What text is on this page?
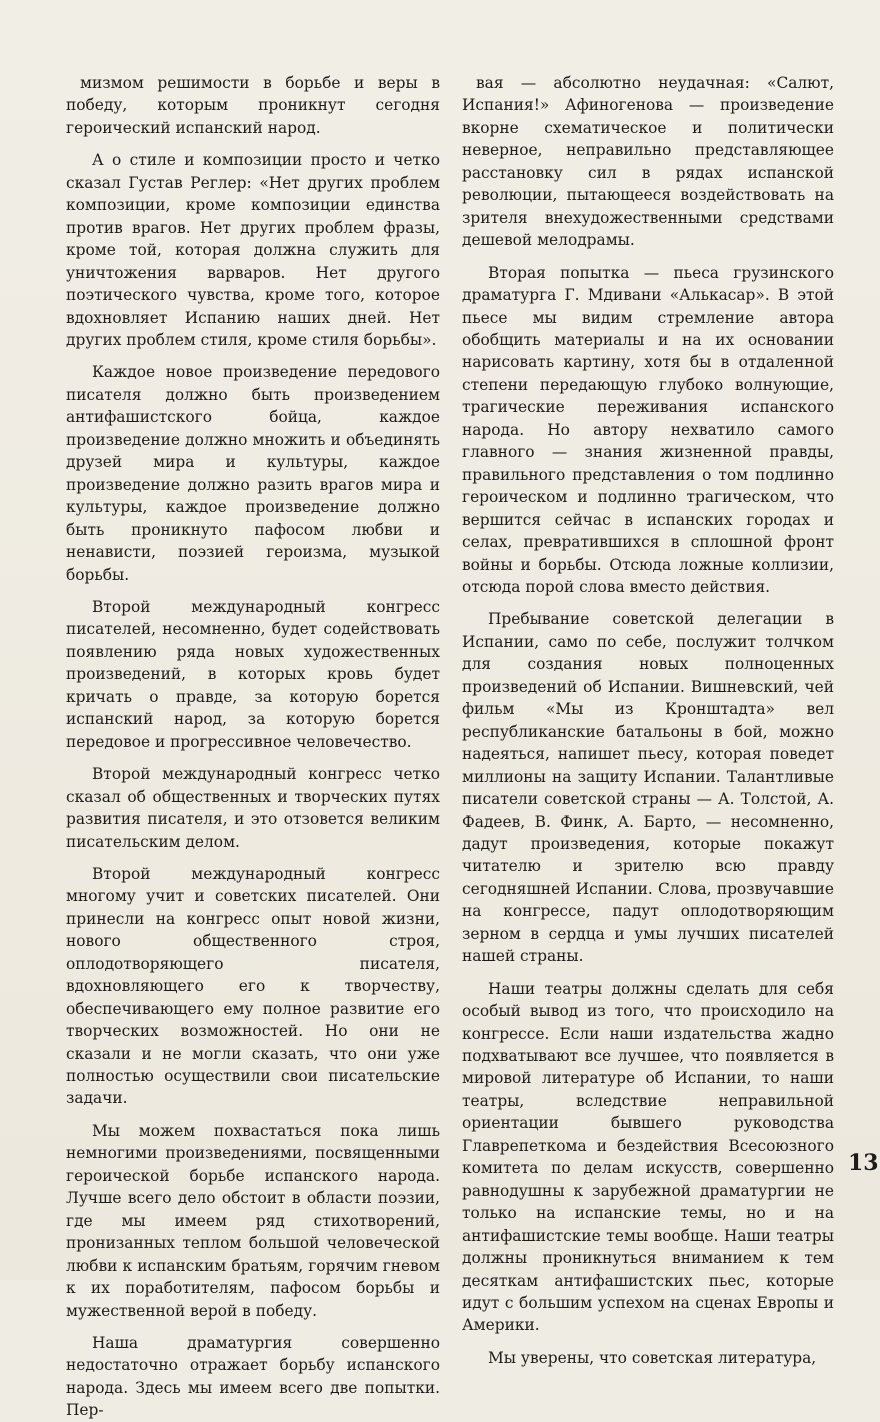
мизмом решимости в борьбе и веры в победу, которым проникнут сегодня героический испанский народ.

А о стиле и композиции просто и четко сказал Густав Реглер: «Нет других проблем композиции, кроме композиции единства против врагов. Нет других проблем фразы, кроме той, которая должна служить для уничтожения варваров. Нет другого поэтического чувства, кроме того, которое вдохновляет Испанию наших дней. Нет других проблем стиля, кроме стиля борьбы».

Каждое новое произведение передового писателя должно быть произведением антифашистского бойца, каждое произведение должно множить и объединять друзей мира и культуры, каждое произведение должно разить врагов мира и культуры, каждое произведение должно быть проникнуто пафосом любви и ненависти, поэзией героизма, музыкой борьбы.

Второй международный конгресс писателей, несомненно, будет содействовать появлению ряда новых художественных произведений, в которых кровь будет кричать о правде, за которую борется испанский народ, за которую борется передовое и прогрессивное человечество.

Второй международный конгресс четко сказал об общественных и творческих путях развития писателя, и это отзовется великим писательским делом.

Второй международный конгресс многому учит и советских писателей. Они принесли на конгресс опыт новой жизни, нового общественного строя, оплодотворяющего писателя, вдохновляющего его к творчеству, обеспечивающего ему полное развитие его творческих возможностей. Но они не сказали и не могли сказать, что они уже полностью осуществили свои писательские задачи.

Мы можем похвастаться пока лишь немногими произведениями, посвященными героической борьбе испанского народа. Лучше всего дело обстоит в области поэзии, где мы имеем ряд стихотворений, пронизанных теплом большой человеческой любви к испанским братьям, горячим гневом к их поработителям, пафосом борьбы и мужественной верой в победу.

Наша драматургия совершенно недостаточно отражает борьбу испанского народа. Здесь мы имеем всего две попытки. Пер-

вая — абсолютно неудачная: «Салют, Испания!» Афиногенова — произведение вкорне схематическое и политически неверное, неправильно представляющее расстановку сил в рядах испанской революции, пытающееся воздействовать на зрителя внехудожественными средствами дешевой мелодрамы.

Вторая попытка — пьеса грузинского драматурга Г. Мдивани «Алькасар». В этой пьесе мы видим стремление автора обобщить материалы и на их основании нарисовать картину, хотя бы в отдаленной степени передающую глубоко волнующие, трагические переживания испанского народа. Но автору нехватило самого главного — знания жизненной правды, правильного представления о том подлинно героическом и подлинно трагическом, что вершится сейчас в испанских городах и селах, превратившихся в сплошной фронт войны и борьбы. Отсюда ложные коллизии, отсюда порой слова вместо действия.

Пребывание советской делегации в Испании, само по себе, послужит толчком для создания новых полноценных произведений об Испании. Вишневский, чей фильм «Мы из Кронштадта» вел республиканские батальоны в бой, можно надеяться, напишет пьесу, которая поведет миллионы на защиту Испании. Талантливые писатели советской страны — А. Толстой, А. Фадеев, В. Финк, А. Барто, — несомненно, дадут произведения, которые покажут читателю и зрителю всю правду сегодняшней Испании. Слова, прозвучавшие на конгрессе, падут оплодотворяющим зерном в сердца и умы лучших писателей нашей страны.

Наши театры должны сделать для себя особый вывод из того, что происходило на конгрессе. Если наши издательства жадно подхватывают все лучшее, что появляется в мировой литературе об Испании, то наши театры, вследствие неправильной ориентации бывшего руководства Главрепеткома и бездействия Всесоюзного комитета по делам искусств, совершенно равнодушны к зарубежной драматургии не только на испанские темы, но и на антифашистские темы вообще. Наши театры должны проникнуться вниманием к тем десяткам антифашистских пьес, которые идут с большим успехом на сценах Европы и Америки.

Мы уверены, что советская литература,

13
